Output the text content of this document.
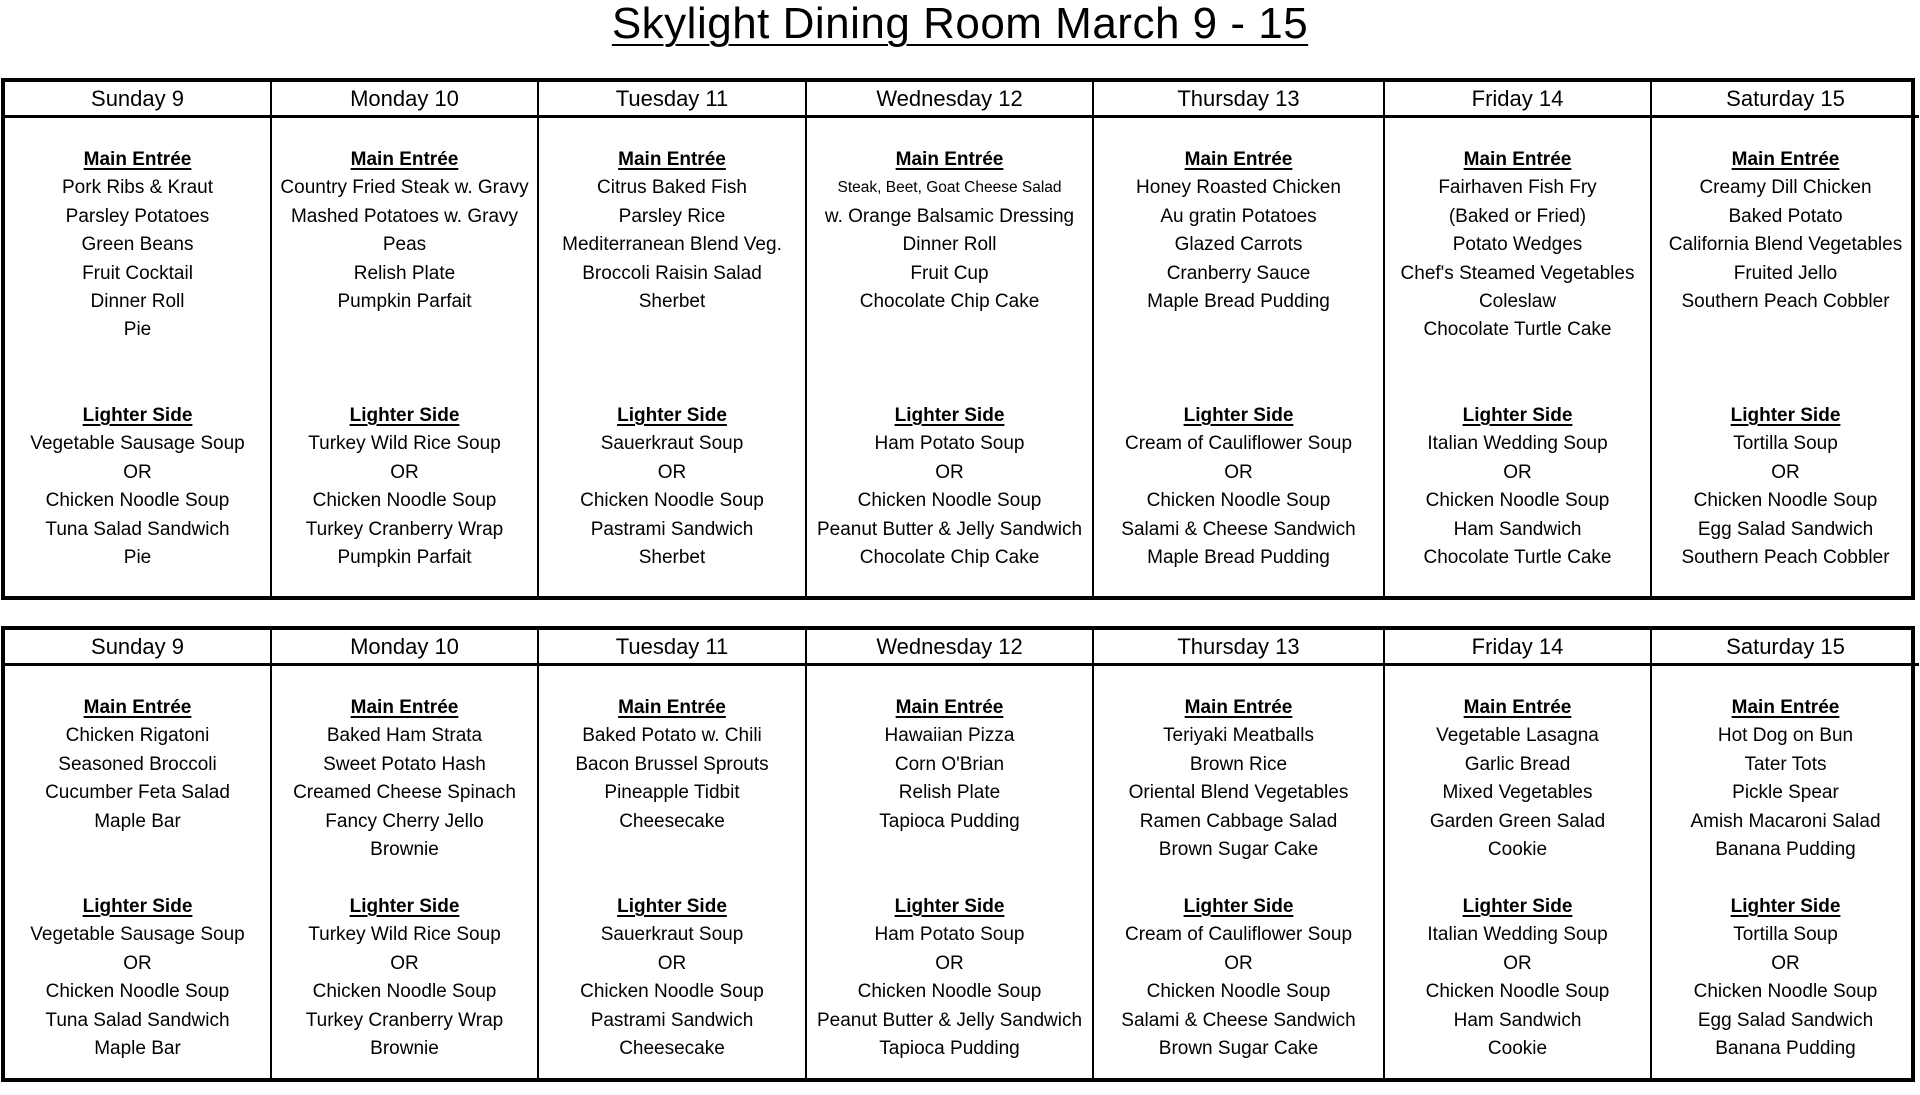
Skylight Dining Room March 9 - 15
Sunday 9	Monday 10	Tuesday 11	Wednesday 12	Thursday 13	Friday 14	Saturday 15
Main Entrée
Pork Ribs & Kraut
Parsley Potatoes
Green Beans
Fruit Cocktail
Dinner Roll
Pie
Lighter Side
Vegetable Sausage Soup
OR
Chicken Noodle Soup
Tuna Salad Sandwich
Pie
Main Entrée
Country Fried Steak w. Gravy
Mashed Potatoes w. Gravy
Peas
Relish Plate
Pumpkin Parfait
Lighter Side
Turkey Wild Rice Soup
OR
Chicken Noodle Soup
Turkey Cranberry Wrap
Pumpkin Parfait
Main Entrée
Citrus Baked Fish
Parsley Rice
Mediterranean Blend Veg.
Broccoli Raisin Salad
Sherbet
Lighter Side
Sauerkraut Soup
OR
Chicken Noodle Soup
Pastrami Sandwich
Sherbet
Main Entrée
Steak, Beet, Goat Cheese Salad
w. Orange Balsamic Dressing
Dinner Roll
Fruit Cup
Chocolate Chip Cake
Lighter Side
Ham Potato Soup
OR
Chicken Noodle Soup
Peanut Butter & Jelly Sandwich
Chocolate Chip Cake
Main Entrée
Honey Roasted Chicken
Au gratin Potatoes
Glazed Carrots
Cranberry Sauce
Maple Bread Pudding
Lighter Side
Cream of Cauliflower Soup
OR
Chicken Noodle Soup
Salami & Cheese Sandwich
Maple Bread Pudding
Main Entrée
Fairhaven Fish Fry
(Baked or Fried)
Potato Wedges
Chef's Steamed Vegetables
Coleslaw
Chocolate Turtle Cake
Lighter Side
Italian Wedding Soup
OR
Chicken Noodle Soup
Ham Sandwich
Chocolate Turtle Cake
Main Entrée
Creamy Dill Chicken
Baked Potato
California Blend Vegetables
Fruited Jello
Southern Peach Cobbler
Lighter Side
Tortilla Soup
OR
Chicken Noodle Soup
Egg Salad Sandwich
Southern Peach Cobbler
Sunday 9	Monday 10	Tuesday 11	Wednesday 12	Thursday 13	Friday 14	Saturday 15
Main Entrée
Chicken Rigatoni
Seasoned Broccoli
Cucumber Feta Salad
Maple Bar
Lighter Side
Vegetable Sausage Soup
OR
Chicken Noodle Soup
Tuna Salad Sandwich
Maple Bar
Main Entrée
Baked Ham Strata
Sweet Potato Hash
Creamed Cheese Spinach
Fancy Cherry Jello
Brownie
Lighter Side
Turkey Wild Rice Soup
OR
Chicken Noodle Soup
Turkey Cranberry Wrap
Brownie
Main Entrée
Baked Potato w. Chili
Bacon Brussel Sprouts
Pineapple Tidbit
Cheesecake
Lighter Side
Sauerkraut Soup
OR
Chicken Noodle Soup
Pastrami Sandwich
Cheesecake
Main Entrée
Hawaiian Pizza
Corn O'Brian
Relish Plate
Tapioca Pudding
Lighter Side
Ham Potato Soup
OR
Chicken Noodle Soup
Peanut Butter & Jelly Sandwich
Tapioca Pudding
Main Entrée
Teriyaki Meatballs
Brown Rice
Oriental Blend Vegetables
Ramen Cabbage Salad
Brown Sugar Cake
Lighter Side
Cream of Cauliflower Soup
OR
Chicken Noodle Soup
Salami & Cheese Sandwich
Brown Sugar Cake
Main Entrée
Vegetable Lasagna
Garlic Bread
Mixed Vegetables
Garden Green Salad
Cookie
Lighter Side
Italian Wedding Soup
OR
Chicken Noodle Soup
Ham Sandwich
Cookie
Main Entrée
Hot Dog on Bun
Tater Tots
Pickle Spear
Amish Macaroni Salad
Banana Pudding
Lighter Side
Tortilla Soup
OR
Chicken Noodle Soup
Egg Salad Sandwich
Banana Pudding
